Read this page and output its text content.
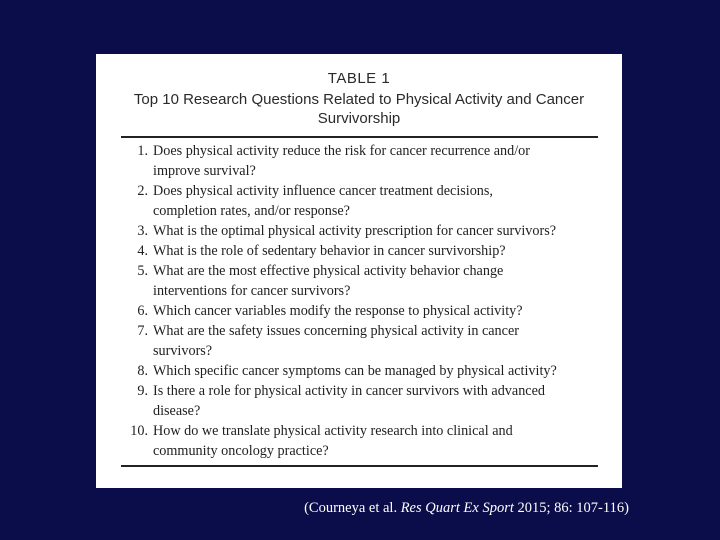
TABLE 1
Top 10 Research Questions Related to Physical Activity and Cancer
Survivorship
1. Does physical activity reduce the risk for cancer recurrence and/or
improve survival?
2. Does physical activity influence cancer treatment decisions,
completion rates, and/or response?
3. What is the optimal physical activity prescription for cancer survivors?
4. What is the role of sedentary behavior in cancer survivorship?
5. What are the most effective physical activity behavior change
interventions for cancer survivors?
6. Which cancer variables modify the response to physical activity?
7. What are the safety issues concerning physical activity in cancer
survivors?
8. Which specific cancer symptoms can be managed by physical activity?
9. Is there a role for physical activity in cancer survivors with advanced
disease?
10. How do we translate physical activity research into clinical and
community oncology practice?
(Courneya et al. Res Quart Ex Sport 2015; 86: 107-116)
